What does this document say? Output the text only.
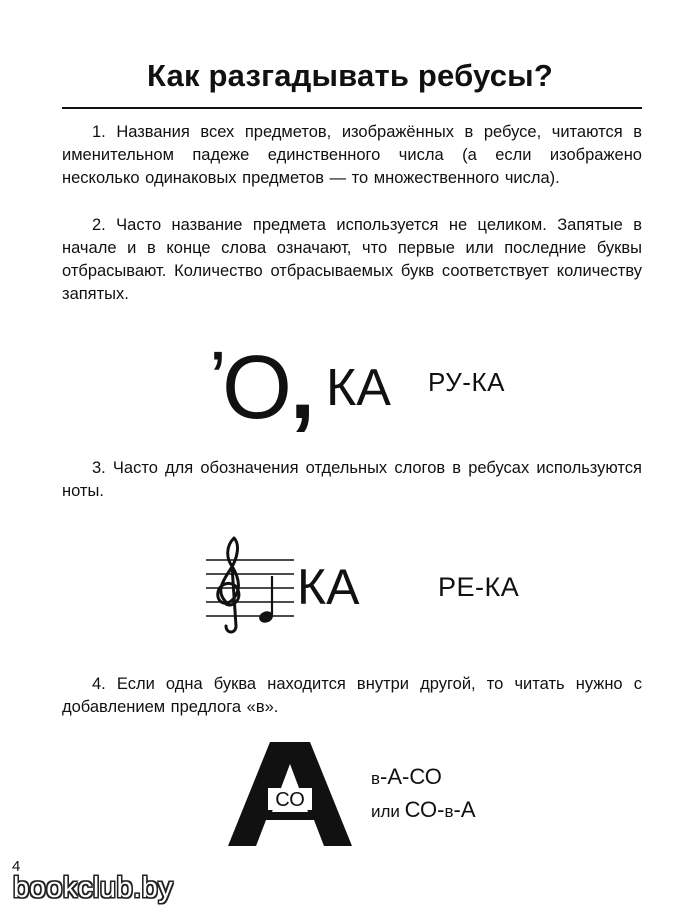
Как разгадывать ребусы?

1. Названия всех предметов, изображённых в ребусе, читаются в именительном падеже единственного числа (а если изображено несколько одинаковых предметов — то множественного числа).

2. Часто название предмета используется не целиком. Запятые в начале и в конце слова означают, что первые или последние буквы отбрасывают. Количество отбрасываемых букв соответствует количеству запятых.

’
О
, КА РУ-КА

3. Часто для обозначения отдельных слогов в ребусах используются ноты.

КА	РЕ-КА

4. Если одна буква находится внутри другой, то читать нужно с добавлением предлога «в».

СО
в-А-СО
или СО-в-А
4
bookclub.by
